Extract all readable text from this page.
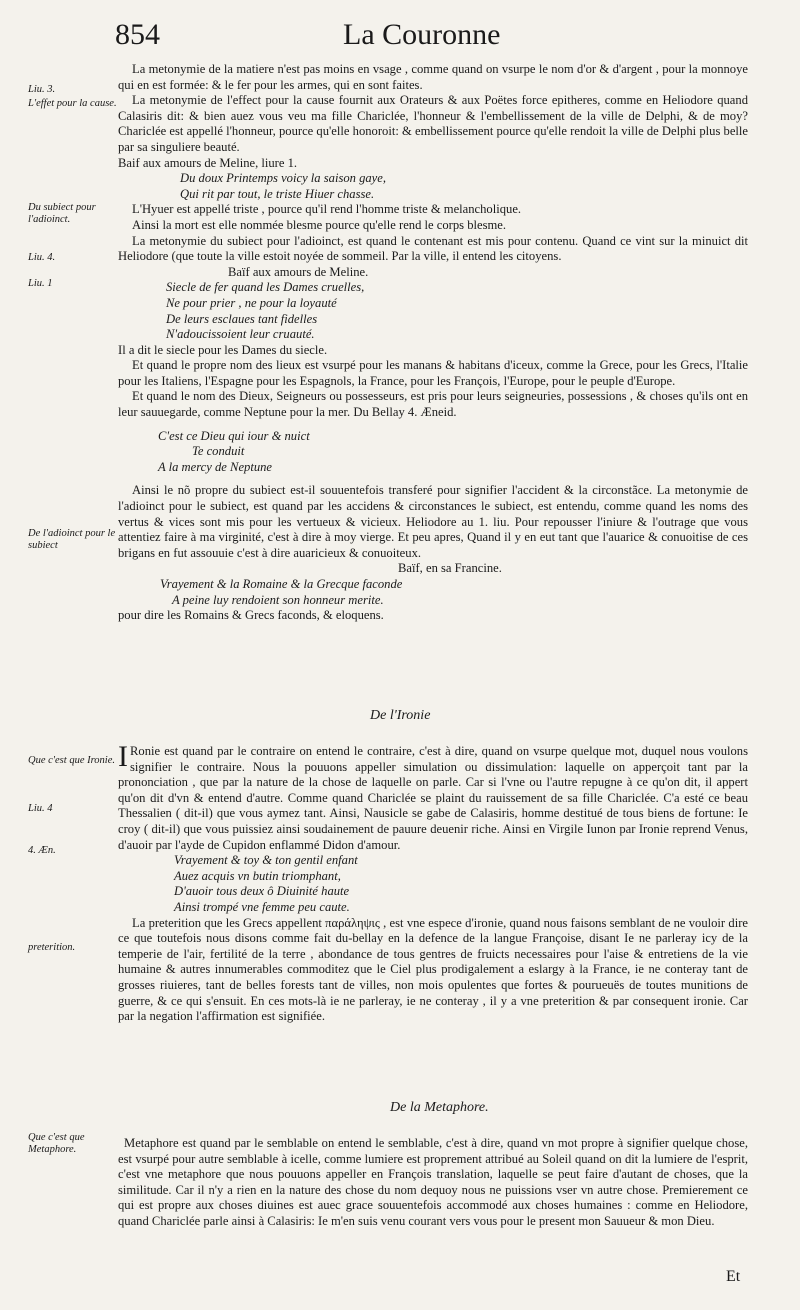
854	La Couronne
Liu. 3.
L'effet pour la cause.
Du subiect pour l'adioinct.
Liu. 4.
Liu. 1
De l'adioinct pour le subiect
Que c'est que Ironie.
Liu. 4
4. Æn.
preterition.
Que c'est que Metaphore.

La metonymie de la matiere n'est pas moins en vsage , comme quand on vsurpe le nom d'or & d'argent , pour la monnoye qui en est formée: & le fer pour les armes, qui en sont faites.

La metonymie de l'effect pour la cause fournit aux Orateurs & aux Poëtes force epitheres, comme en Heliodore quand Calasiris dit: & bien auez vous veu ma fille Chariclée, l'honneur & l'embellissement de la ville de Delphi, & de moy? Chariclée est appellé l'honneur, pource qu'elle honoroit: & embellissement pource qu'elle rendoit la ville de Delphi plus belle par sa singuliere beauté.

Baif aux amours de Meline, liure 1.

Du doux Printemps voicy la saison gaye,
Qui rit par tout, le triste Hiuer chasse.

L'Hyuer est appellé triste , pource qu'il rend l'homme triste & melancholique.

Ainsi la mort est elle nommée blesme pource qu'elle rend le corps blesme.

La metonymie du subiect pour l'adioinct, est quand le contenant est mis pour contenu. Quand ce vint sur la minuict dit Heliodore (que toute la ville estoit noyée de sommeil. Par la ville, il entend les citoyens.

Baïf aux amours de Meline.

Siecle de fer quand les Dames cruelles,
Ne pour prier , ne pour la loyauté
De leurs esclaues tant fidelles
N'adoucissoient leur cruauté.

Il a dit le siecle pour les Dames du siecle.

Et quand le propre nom des lieux est vsurpé pour les manans & habitans d'iceux, comme la Grece, pour les Grecs, l'Italie pour les Italiens, l'Espagne pour les Espagnols, la France, pour les François, l'Europe, pour le peuple d'Europe.

Et quand le nom des Dieux, Seigneurs ou possesseurs, est pris pour leurs seigneuries, possessions , & choses qu'ils ont en leur sauuegarde, comme Neptune pour la mer. Du Bellay 4. Æneid.

C'est ce Dieu qui iour & nuict
Te conduit
A la mercy de Neptune

Ainsi le nõ propre du subiect est-il souuentefois transferé pour signifier l'accident & la circonstãce. La metonymie de l'adioinct pour le subiect, est quand par les accidens & circonstances le subiect, est entendu, comme quand les noms des vertus & vices sont mis pour les vertueux & vicieux. Heliodore au 1. liu. Pour repousser l'iniure & l'outrage que vous attentiez faire à ma virginité, c'est à dire à moy vierge. Et peu apres, Quand il y en eut tant que l'auarice & conuoitise de ces brigans en fut assouuie c'est à dire auaricieux & conuoiteux.

Baïf, en sa Francine.

Vrayement & la Romaine & la Grecque faconde
A peine luy rendoient son honneur merite.

pour dire les Romains & Grecs faconds, & eloquens.

De l'Ironie

I Ronie est quand par le contraire on entend le contraire, c'est à dire, quand on vsurpe quelque mot, duquel nous voulons signifier le contraire. Nous la pouuons appeller simulation ou dissimulation: laquelle on apperçoit tant par la prononciation , que par la nature de la chose de laquelle on parle. Car si l'vne ou l'autre repugne à ce qu'on dit, il appert qu'on dit d'vn & entend d'autre. Comme quand Chariclée se plaint du rauissement de sa fille Chariclée. C'a esté ce beau Thessalien ( dit-il) que vous aymez tant. Ainsi, Nausicle se gabe de Calasiris, homme destitué de tous biens de fortune: Ie croy ( dit-il) que vous puissiez ainsi soudainement de pauure deuenir riche. Ainsi en Virgile Iunon par Ironie reprend Venus, d'auoir par l'ayde de Cupidon enflammé Didon d'amour.

Vrayement & toy & ton gentil enfant
Auez acquis vn butin triomphant,
D'auoir tous deux ô Diuinité haute
Ainsi trompé vne femme peu caute.

La preterition que les Grecs appellent παράληψις , est vne espece d'ironie, quand nous faisons semblant de ne vouloir dire ce que toutefois nous disons comme fait du-bellay en la defence de la langue Françoise, disant Ie ne parleray icy de la temperie de l'air, fertilité de la terre , abondance de tous gentres de fruicts necessaires pour l'aise & entretiens de la vie humaine & autres innumerables commoditez que le Ciel plus prodigalement a eslargy à la France, ie ne conteray tant de grosses riuieres, tant de belles forests tant de villes, non mois opulentes que fortes & pourueuës de toutes munitions de guerre, & ce qui s'ensuit. En ces mots-là ie ne parleray, ie ne conteray , il y a vne preterition & par consequent ironie. Car par la negation l'affirmation est signifiée.

De la Metaphore.

Metaphore est quand par le semblable on entend le semblable, c'est à dire, quand vn mot propre à signifier quelque chose, est vsurpé pour autre semblable à icelle, comme lumiere est proprement attribué au Soleil quand on dit la lumiere de l'esprit, c'est vne metaphore que nous pouuons appeller en François translation, laquelle se peut faire d'autant de choses, que la similitude. Car il n'y a rien en la nature des chose du nom dequoy nous ne puissions vser vn autre chose. Premierement ce qui est propre aux choses diuines est auec grace souuentefois accommodé aux choses humaines : comme en Heliodore, quand Chariclée parle ainsi à Calasiris: Ie m'en suis venu courant vers vous pour le present mon Sauueur & mon Dieu.

Et
